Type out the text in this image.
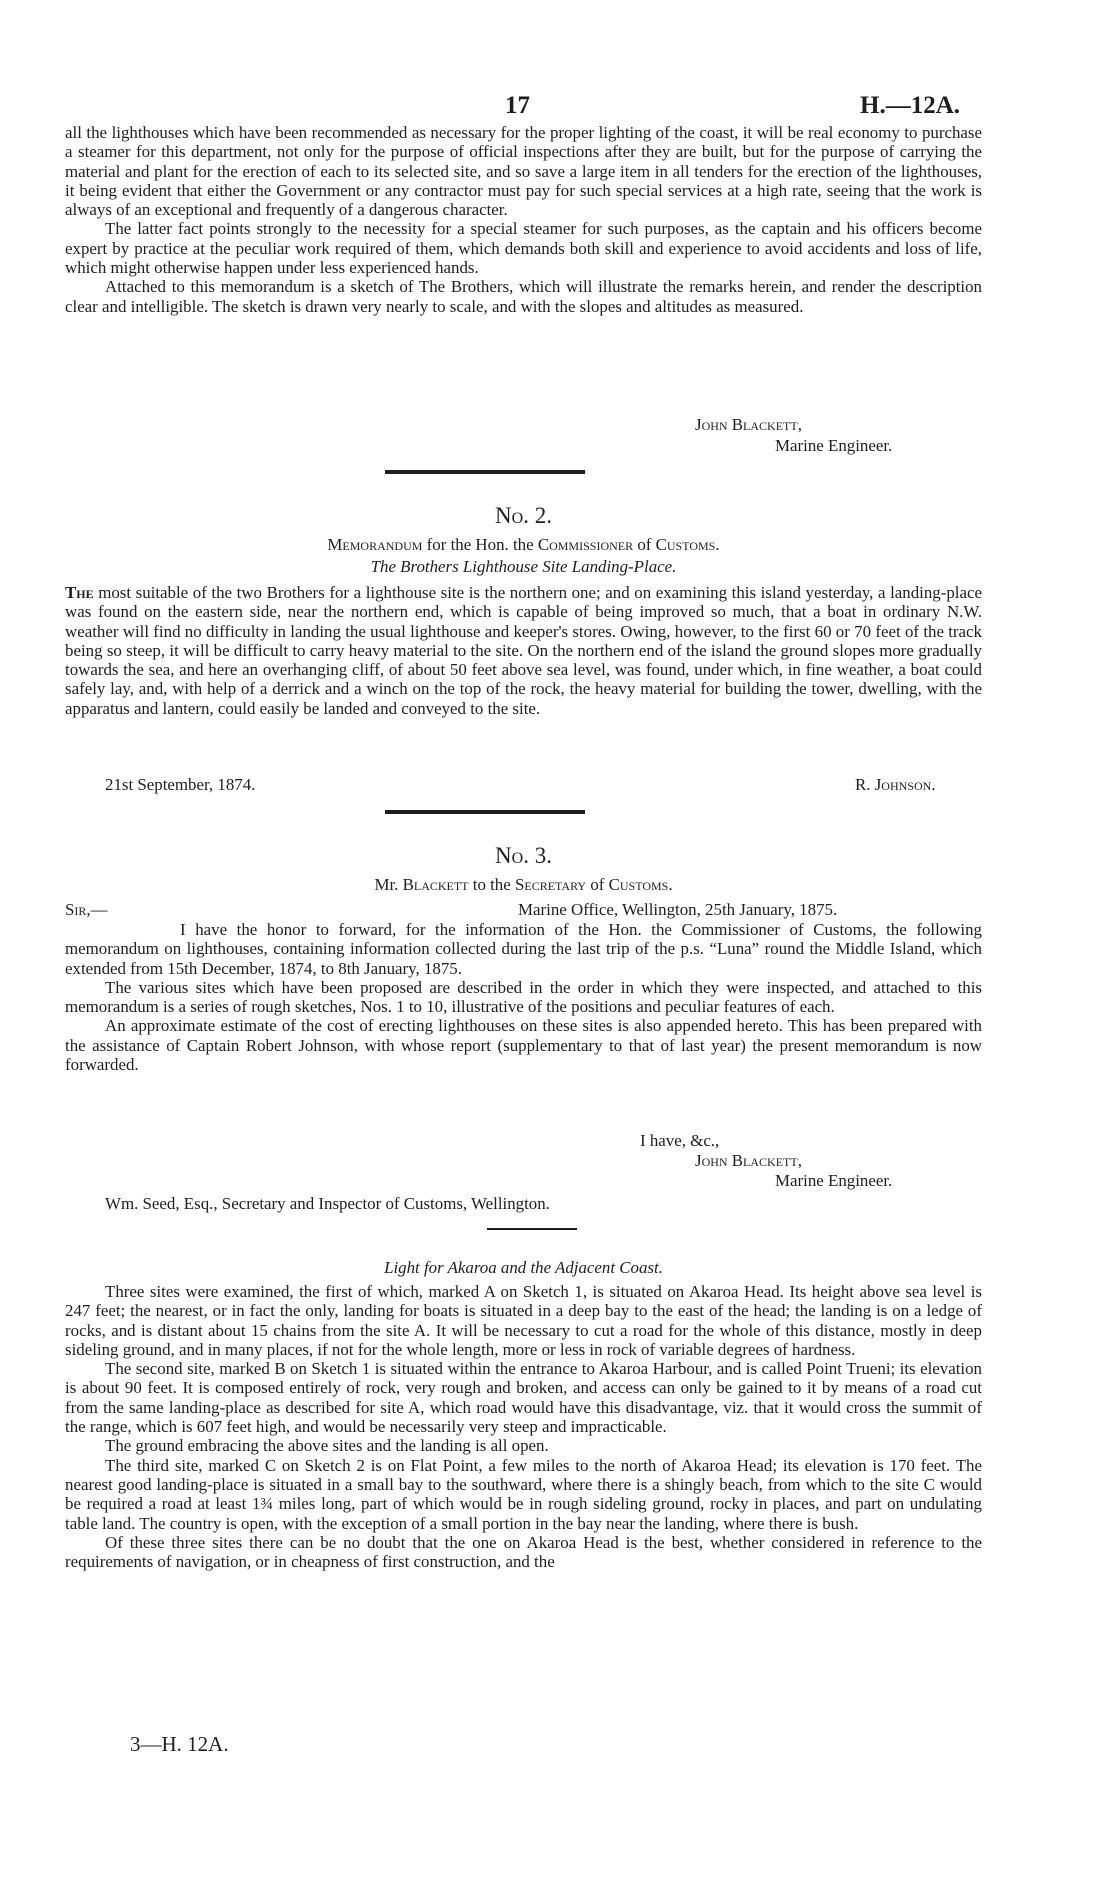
17	H.—12A.

all the lighthouses which have been recommended as necessary for the proper lighting of the coast, it will be real economy to purchase a steamer for this department, not only for the purpose of official inspections after they are built, but for the purpose of carrying the material and plant for the erection of each to its selected site, and so save a large item in all tenders for the erection of the lighthouses, it being evident that either the Government or any contractor must pay for such special services at a high rate, seeing that the work is always of an exceptional and frequently of a dangerous character.

The latter fact points strongly to the necessity for a special steamer for such purposes, as the captain and his officers become expert by practice at the peculiar work required of them, which demands both skill and experience to avoid accidents and loss of life, which might otherwise happen under less experienced hands.

Attached to this memorandum is a sketch of The Brothers, which will illustrate the remarks herein, and render the description clear and intelligible. The sketch is drawn very nearly to scale, and with the slopes and altitudes as measured.

John Blackett,
Marine Engineer.
No. 2.
Memorandum for the Hon. the Commissioner of Customs.
The Brothers Lighthouse Site Landing-Place.

The most suitable of the two Brothers for a lighthouse site is the northern one; and on examining this island yesterday, a landing-place was found on the eastern side, near the northern end, which is capable of being improved so much, that a boat in ordinary N.W. weather will find no difficulty in landing the usual lighthouse and keeper's stores. Owing, however, to the first 60 or 70 feet of the track being so steep, it will be difficult to carry heavy material to the site. On the northern end of the island the ground slopes more gradually towards the sea, and here an overhanging cliff, of about 50 feet above sea level, was found, under which, in fine weather, a boat could safely lay, and, with help of a derrick and a winch on the top of the rock, the heavy material for building the tower, dwelling, with the apparatus and lantern, could easily be landed and conveyed to the site.

21st September, 1874.	R. Johnson.
No. 3.
Mr. Blackett to the Secretary of Customs.
Sir,—	Marine Office, Wellington, 25th January, 1875.

I have the honor to forward, for the information of the Hon. the Commissioner of Customs, the following memorandum on lighthouses, containing information collected during the last trip of the p.s. “Luna” round the Middle Island, which extended from 15th December, 1874, to 8th January, 1875.

The various sites which have been proposed are described in the order in which they were inspected, and attached to this memorandum is a series of rough sketches, Nos. 1 to 10, illustrative of the positions and peculiar features of each.

An approximate estimate of the cost of erecting lighthouses on these sites is also appended hereto. This has been prepared with the assistance of Captain Robert Johnson, with whose report (supplementary to that of last year) the present memorandum is now forwarded.

I have, &c.,
John Blackett,
Marine Engineer.
Wm. Seed, Esq., Secretary and Inspector of Customs, Wellington.
Light for Akaroa and the Adjacent Coast.

Three sites were examined, the first of which, marked A on Sketch 1, is situated on Akaroa Head. Its height above sea level is 247 feet; the nearest, or in fact the only, landing for boats is situated in a deep bay to the east of the head; the landing is on a ledge of rocks, and is distant about 15 chains from the site A. It will be necessary to cut a road for the whole of this distance, mostly in deep sideling ground, and in many places, if not for the whole length, more or less in rock of variable degrees of hardness.

The second site, marked B on Sketch 1 is situated within the entrance to Akaroa Harbour, and is called Point Trueni; its elevation is about 90 feet. It is composed entirely of rock, very rough and broken, and access can only be gained to it by means of a road cut from the same landing-place as described for site A, which road would have this disadvantage, viz. that it would cross the summit of the range, which is 607 feet high, and would be necessarily very steep and impracticable.

The ground embracing the above sites and the landing is all open.

The third site, marked C on Sketch 2 is on Flat Point, a few miles to the north of Akaroa Head; its elevation is 170 feet. The nearest good landing-place is situated in a small bay to the southward, where there is a shingly beach, from which to the site C would be required a road at least 1¾ miles long, part of which would be in rough sideling ground, rocky in places, and part on undulating table land. The country is open, with the exception of a small portion in the bay near the landing, where there is bush.

Of these three sites there can be no doubt that the one on Akaroa Head is the best, whether considered in reference to the requirements of navigation, or in cheapness of first construction, and the

3—H. 12A.
